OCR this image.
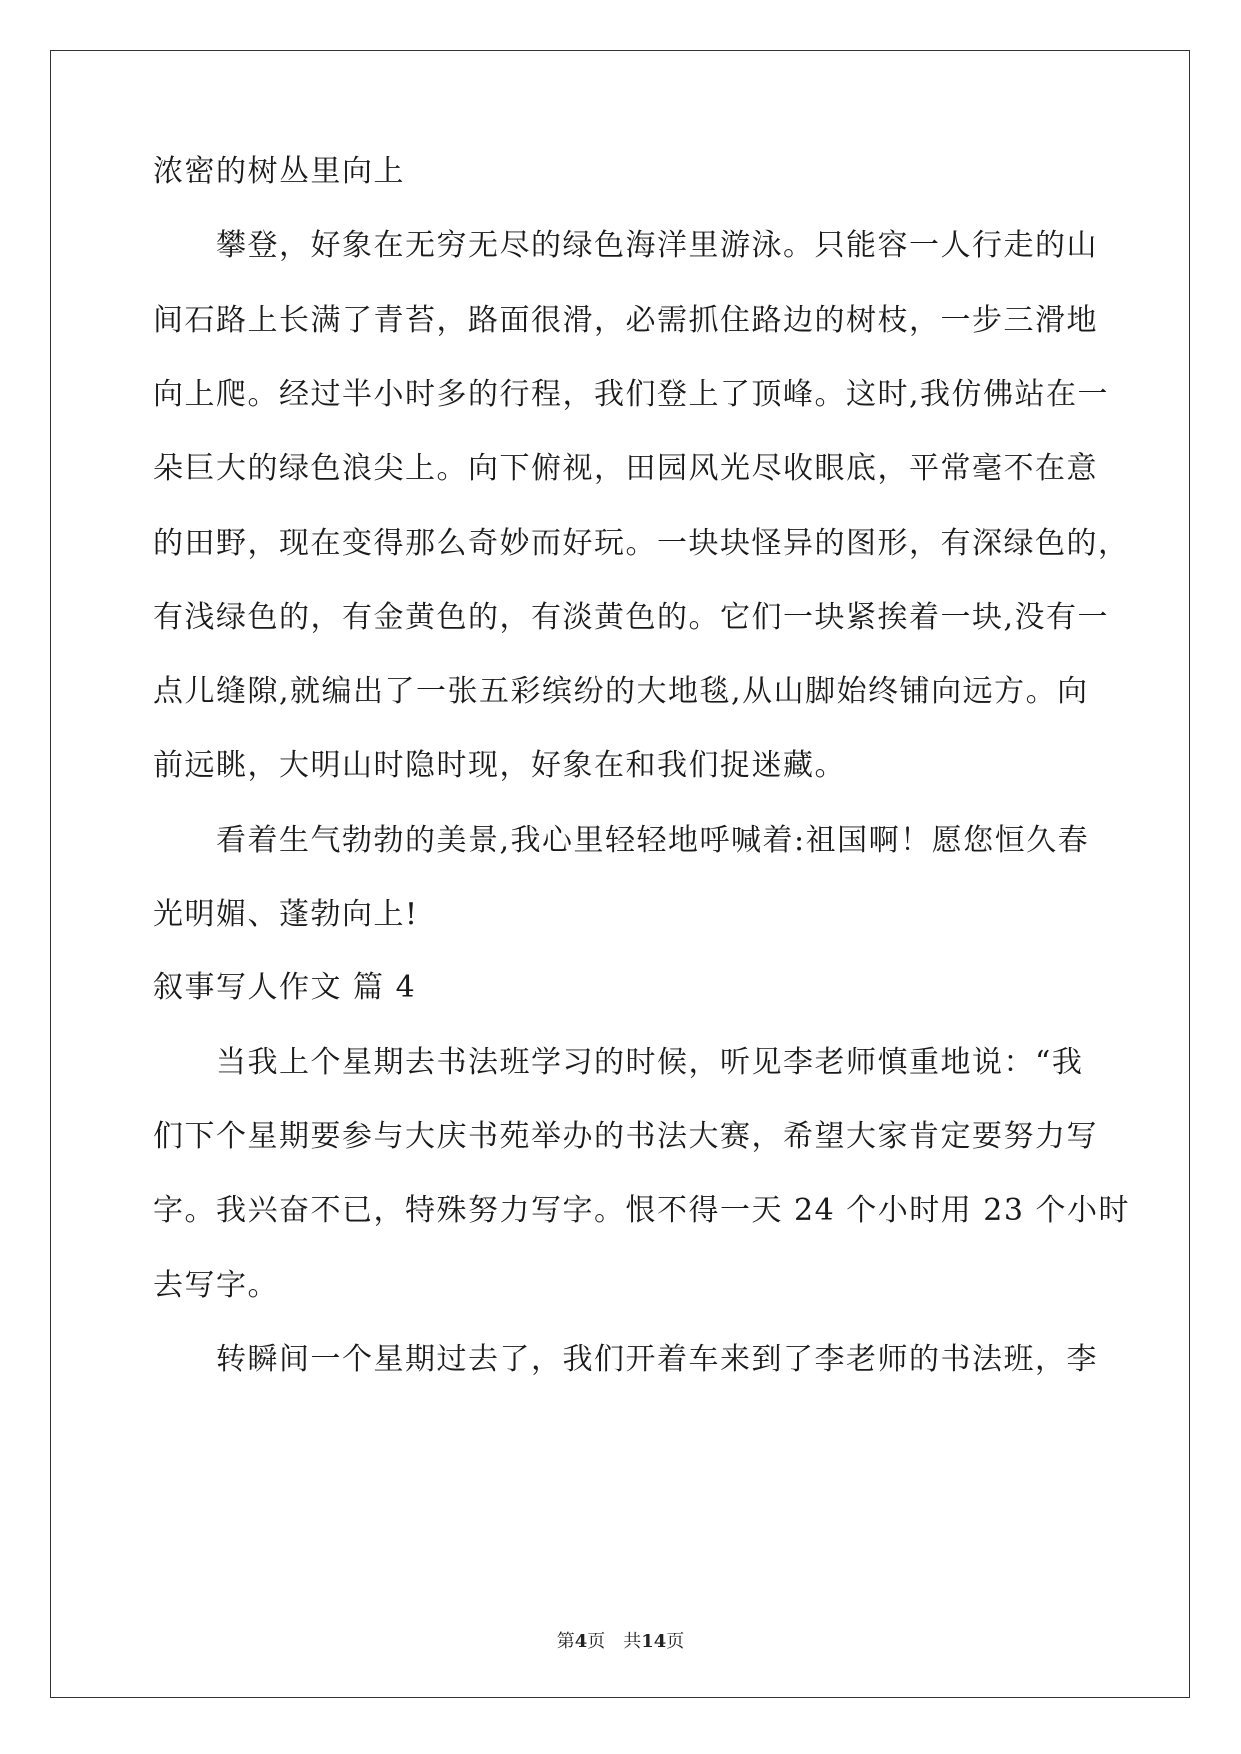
浓密的树丛里向上
　　攀登，好象在无穷无尽的绿色海洋里游泳。只能容一人行走的山
间石路上长满了青苔，路面很滑，必需抓住路边的树枝，一步三滑地
向上爬。经过半小时多的行程，我们登上了顶峰。这时,我仿佛站在一
朵巨大的绿色浪尖上。向下俯视，田园风光尽收眼底，平常毫不在意
的田野，现在变得那么奇妙而好玩。一块块怪异的图形，有深绿色的，
有浅绿色的，有金黄色的，有淡黄色的。它们一块紧挨着一块,没有一
点儿缝隙,就编出了一张五彩缤纷的大地毯,从山脚始终铺向远方。向
前远眺，大明山时隐时现，好象在和我们捉迷藏。
　　看着生气勃勃的美景,我心里轻轻地呼喊着:祖国啊！愿您恒久春
光明媚、蓬勃向上!
叙事写人作文 篇 4
　　当我上个星期去书法班学习的时候，听见李老师慎重地说：“我
们下个星期要参与大庆书苑举办的书法大赛，希望大家肯定要努力写
字。我兴奋不已，特殊努力写字。恨不得一天 24 个小时用 23 个小时
去写字。
　　转瞬间一个星期过去了，我们开着车来到了李老师的书法班，李
第4页　共14页
